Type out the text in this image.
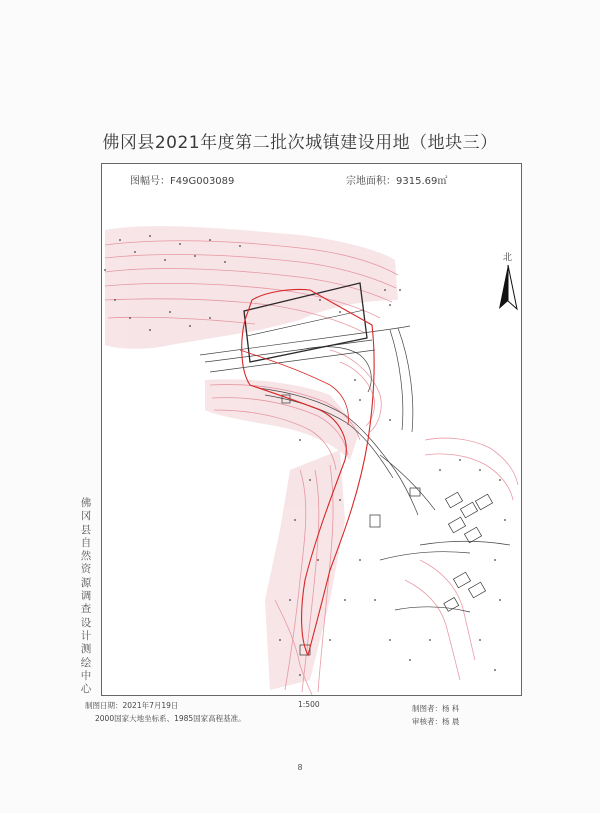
佛冈县2021年度第二批次城镇建设用地（地块三）
图幅号：F49G003089	宗地面积：9315.69㎡
北
佛冈县自然资源调查设计测绘中心
制图日期：2021年7月19日	1:500
2000国家大地坐标系、1985国家高程基准。
制图者：杨 科
审核者：杨 晨
8
